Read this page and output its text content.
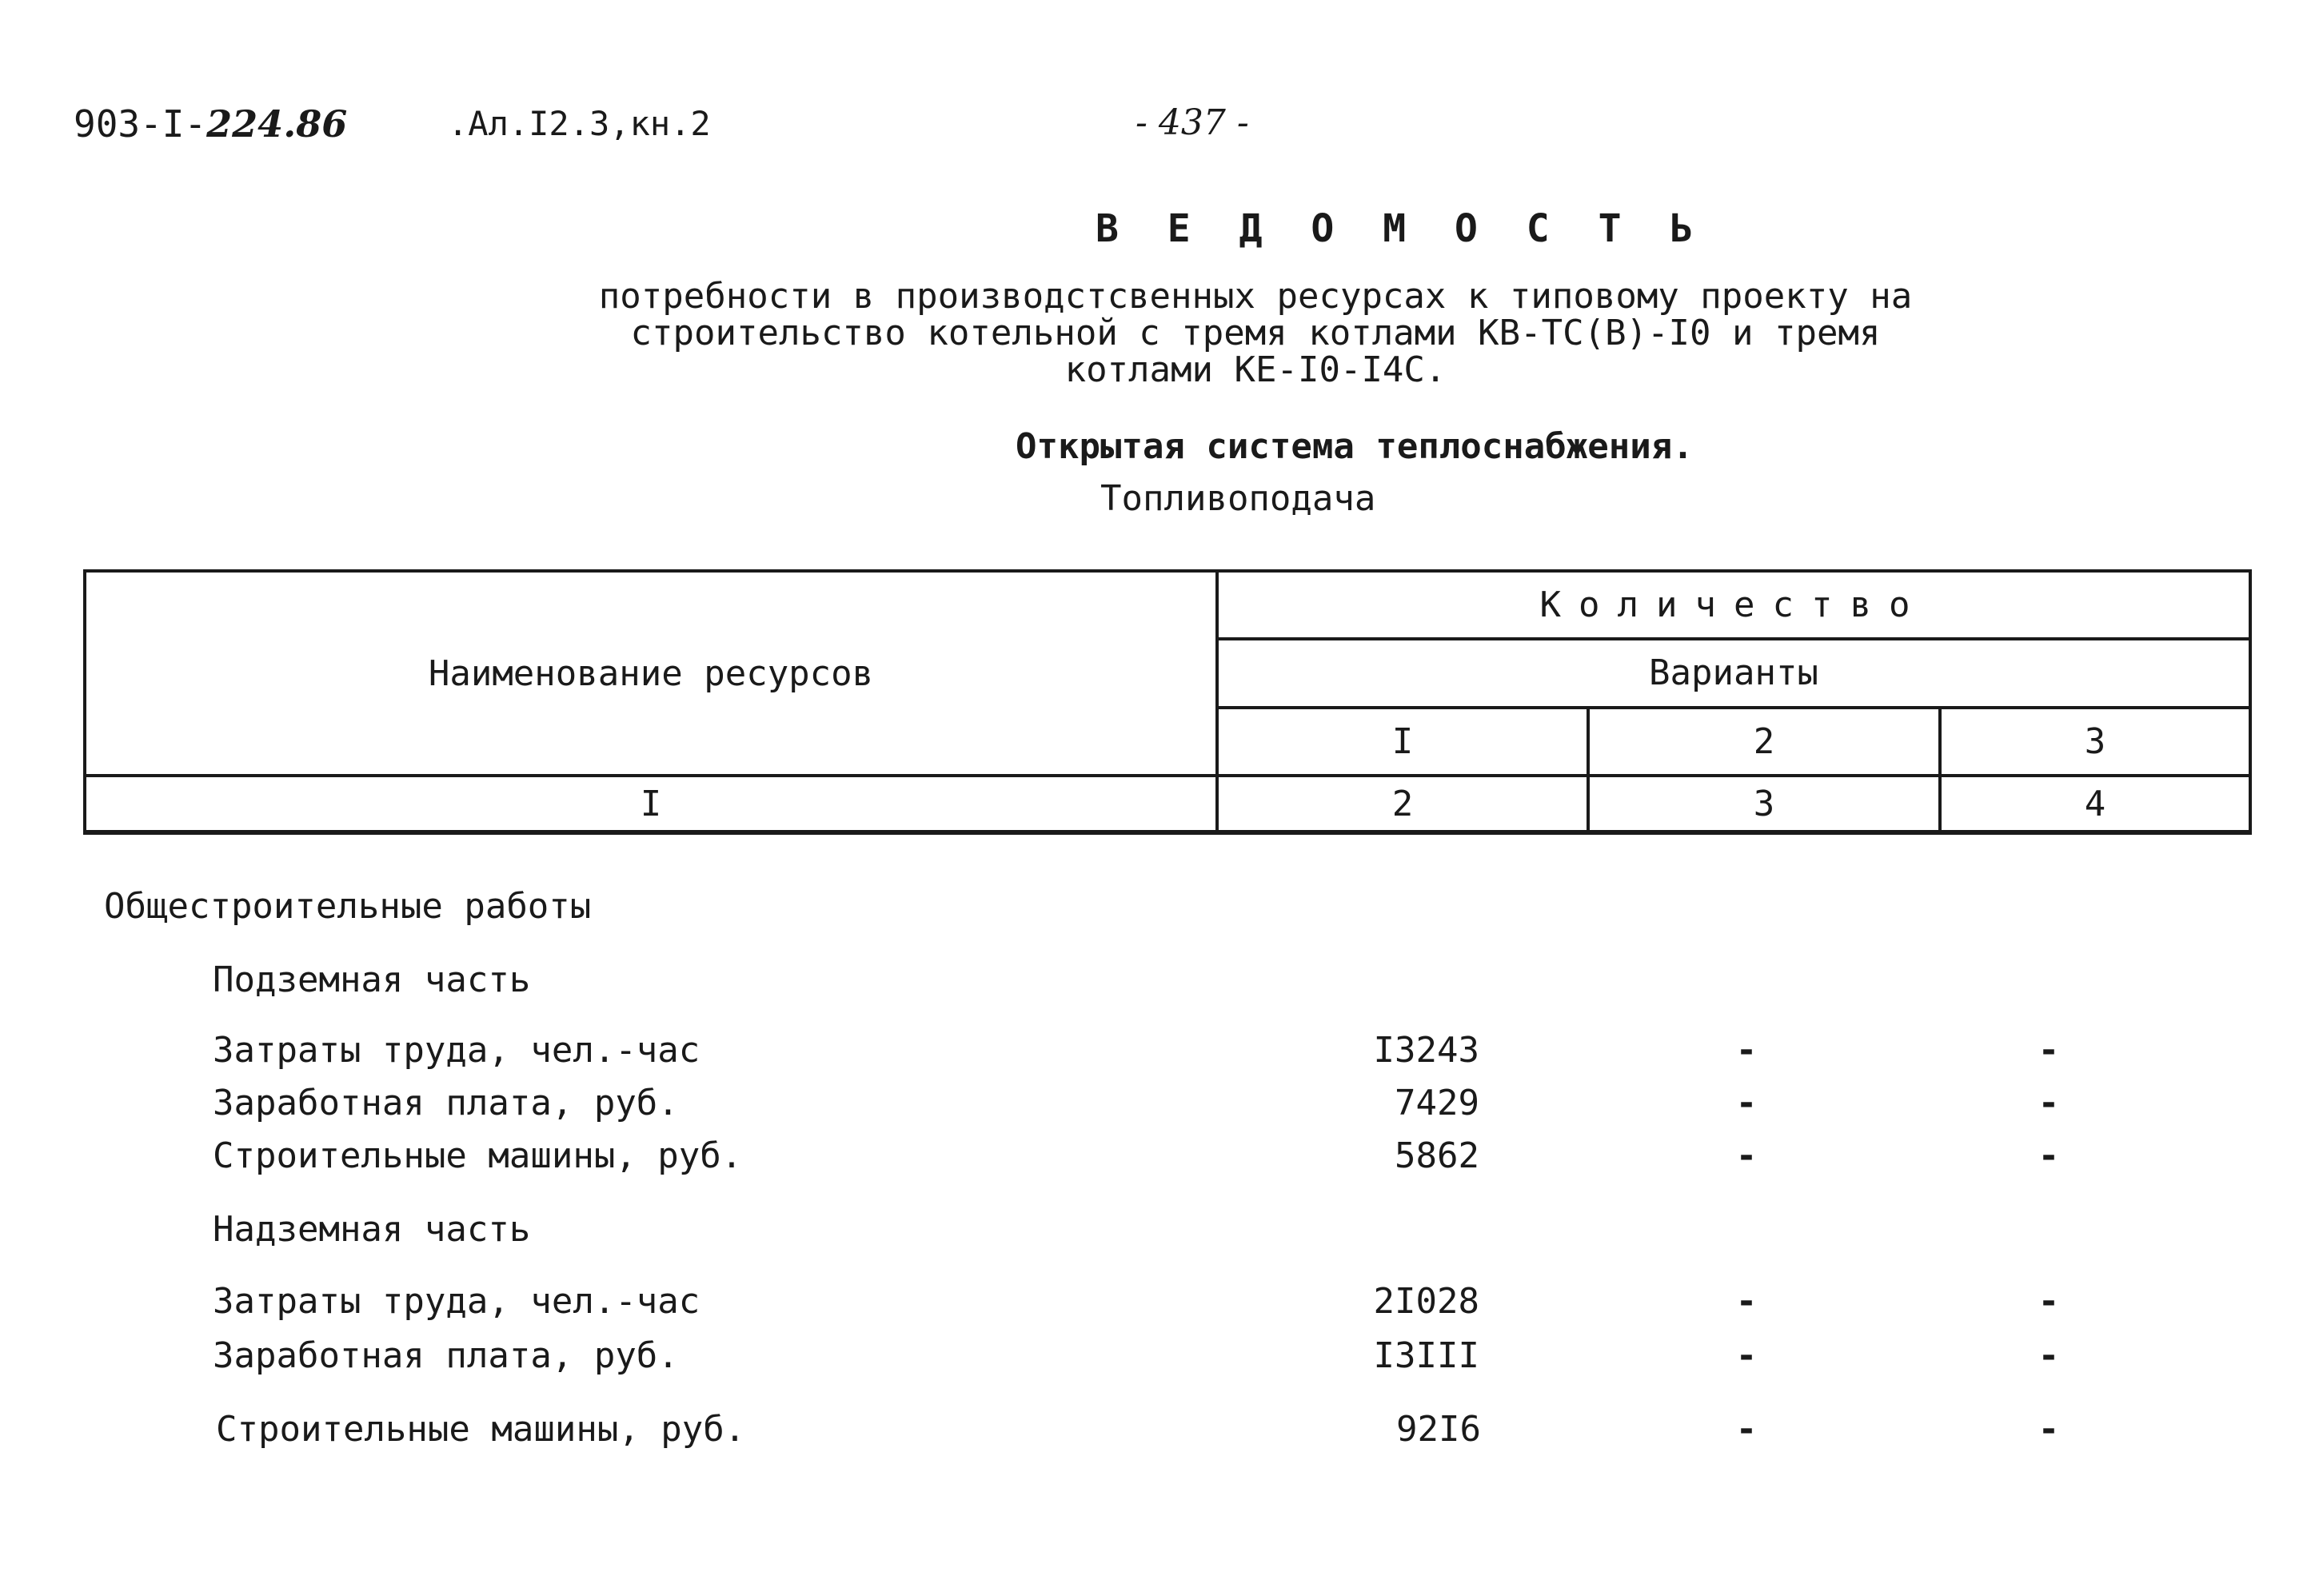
903-I-224.86	.Ал.I2.3,кн.2	- 437 -
В Е Д О М О С Т Ь
потребности в производстсвенных ресурсах к типовому проекту на строительство котельной с тремя котлами КВ-ТС(В)-I0 и тремя котлами КЕ-I0-I4С.
Открытая система теплоснабжения.
Топливоподача
Наименование ресурсов	Количество		
	Варианты		
	I	2	3
I	2	3	4
Общестроительные работы
Подземная часть
Затраты труда, чел.-час	I3243	-	-
Заработная плата, руб.	7429	-	-
Строительные машины, руб.	5862	-	-
Надземная часть
Затраты труда, чел.-час	2I028	-	-
Заработная плата, руб.	I3III	-	-
Строительные машины, руб.	92I6	-	-
